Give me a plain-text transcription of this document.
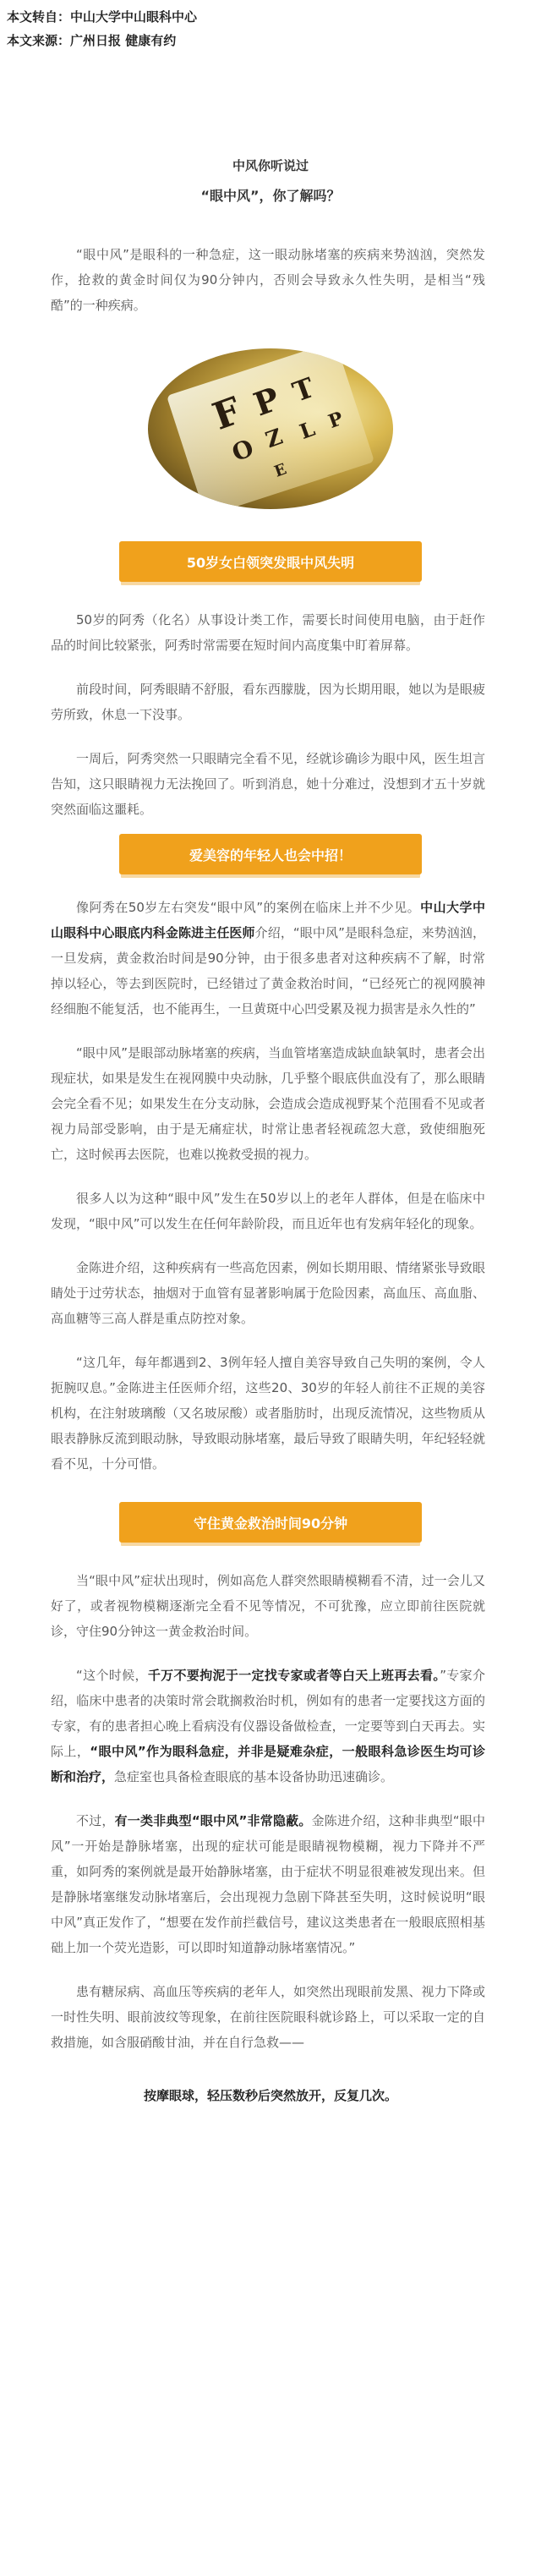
本文转自：中山大学中山眼科中心
本文来源：广州日报 健康有约
中风你听说过
“眼中风”，你了解吗？

“眼中风”是眼科的一种急症，这一眼动脉堵塞的疾病来势汹汹，突然发作，抢救的黄金时间仅为90分钟内，否则会导致永久性失明，是相当“残酷”的一种疾病。

F P T
O Z L P
E
50岁女白领突发眼中风失明

50岁的阿秀（化名）从事设计类工作，需要长时间使用电脑，由于赶作品的时间比较紧张，阿秀时常需要在短时间内高度集中盯着屏幕。

前段时间，阿秀眼睛不舒服，看东西朦胧，因为长期用眼，她以为是眼疲劳所致，休息一下没事。

一周后，阿秀突然一只眼睛完全看不见，经就诊确诊为眼中风，医生坦言告知，这只眼睛视力无法挽回了。听到消息，她十分难过，没想到才五十岁就突然面临这噩耗。

爱美容的年轻人也会中招！

像阿秀在50岁左右突发“眼中风”的案例在临床上并不少见。中山大学中山眼科中心眼底内科金陈进主任医师介绍，“眼中风”是眼科急症，来势汹汹，一旦发病，黄金救治时间是90分钟，由于很多患者对这种疾病不了解，时常掉以轻心，等去到医院时，已经错过了黄金救治时间，“已经死亡的视网膜神经细胞不能复活，也不能再生，一旦黄斑中心凹受累及视力损害是永久性的”

“眼中风”是眼部动脉堵塞的疾病，当血管堵塞造成缺血缺氧时，患者会出现症状，如果是发生在视网膜中央动脉，几乎整个眼底供血没有了，那么眼睛会完全看不见；如果发生在分支动脉，会造成会造成视野某个范围看不见或者视力局部受影响，由于是无痛症状，时常让患者轻视疏忽大意，致使细胞死亡，这时候再去医院，也难以挽救受损的视力。

很多人以为这种“眼中风”发生在50岁以上的老年人群体，但是在临床中发现，“眼中风”可以发生在任何年龄阶段，而且近年也有发病年轻化的现象。

金陈进介绍，这种疾病有一些高危因素，例如长期用眼、情绪紧张导致眼睛处于过劳状态，抽烟对于血管有显著影响属于危险因素，高血压、高血脂、高血糖等三高人群是重点防控对象。

“这几年，每年都遇到2、3例年轻人擅自美容导致自己失明的案例，令人扼腕叹息。”金陈进主任医师介绍，这些20、30岁的年轻人前往不正规的美容机构，在注射玻璃酸（又名玻尿酸）或者脂肪时，出现反流情况，这些物质从眼表静脉反流到眼动脉，导致眼动脉堵塞，最后导致了眼睛失明，年纪轻轻就看不见，十分可惜。

守住黄金救治时间90分钟

当“眼中风”症状出现时，例如高危人群突然眼睛模糊看不清，过一会儿又好了，或者视物模糊逐渐完全看不见等情况，不可犹豫，应立即前往医院就诊，守住90分钟这一黄金救治时间。

“这个时候，千万不要拘泥于一定找专家或者等白天上班再去看。”专家介绍，临床中患者的决策时常会耽搁救治时机，例如有的患者一定要找这方面的专家，有的患者担心晚上看病没有仪器设备做检查，一定要等到白天再去。实际上，“眼中风”作为眼科急症，并非是疑难杂症，一般眼科急诊医生均可诊断和治疗，急症室也具备检查眼底的基本设备协助迅速确诊。

不过，有一类非典型“眼中风”非常隐蔽。金陈进介绍，这种非典型“眼中风”一开始是静脉堵塞，出现的症状可能是眼睛视物模糊，视力下降并不严重，如阿秀的案例就是最开始静脉堵塞，由于症状不明显很难被发现出来。但是静脉堵塞继发动脉堵塞后，会出现视力急剧下降甚至失明，这时候说明“眼中风”真正发作了，“想要在发作前拦截信号，建议这类患者在一般眼底照相基础上加一个荧光造影，可以即时知道静动脉堵塞情况。”

患有糖尿病、高血压等疾病的老年人，如突然出现眼前发黑、视力下降或一时性失明、眼前波纹等现象，在前往医院眼科就诊路上，可以采取一定的自救措施，如含服硝酸甘油，并在自行急救——

按摩眼球，轻压数秒后突然放开，反复几次。
